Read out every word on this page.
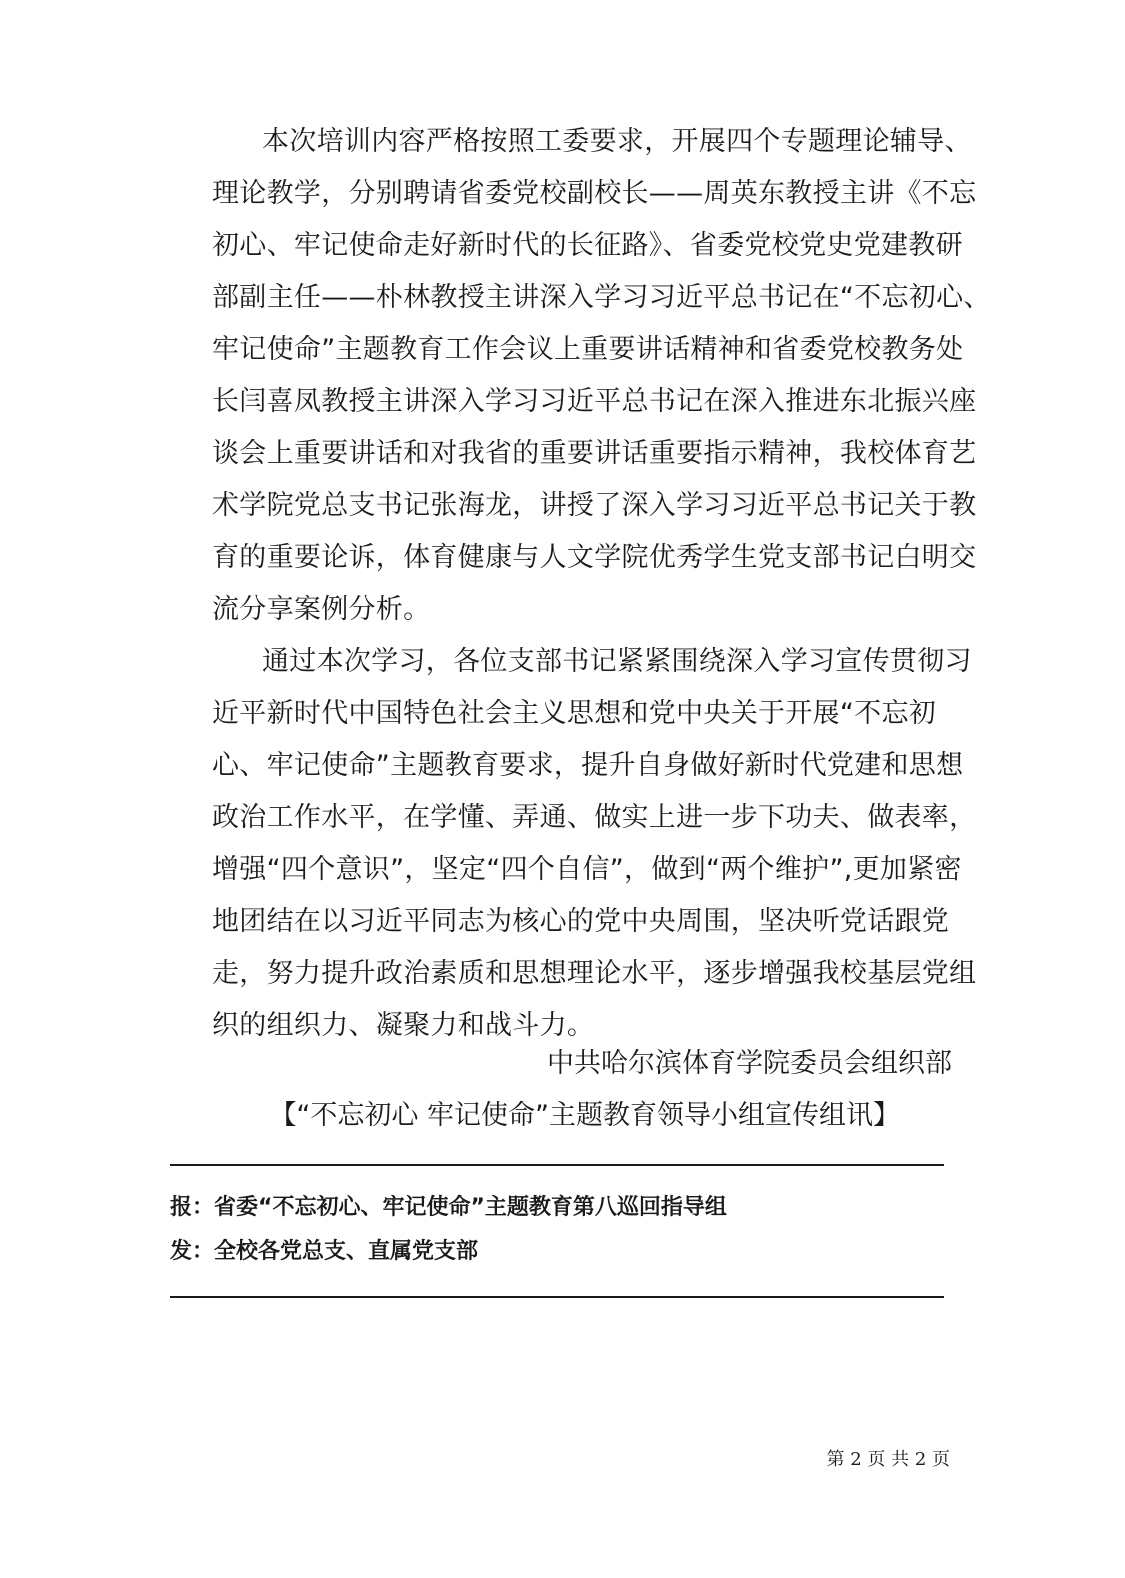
本次培训内容严格按照工委要求，开展四个专题理论辅导、
理论教学，分别聘请省委党校副校长——周英东教授主讲《不忘
初心、牢记使命走好新时代的长征路》、省委党校党史党建教研
部副主任——朴林教授主讲深入学习习近平总书记在“不忘初心、
牢记使命”主题教育工作会议上重要讲话精神和省委党校教务处
长闫喜凤教授主讲深入学习习近平总书记在深入推进东北振兴座
谈会上重要讲话和对我省的重要讲话重要指示精神，我校体育艺
术学院党总支书记张海龙，讲授了深入学习习近平总书记关于教
育的重要论诉，体育健康与人文学院优秀学生党支部书记白明交
流分享案例分析。
通过本次学习，各位支部书记紧紧围绕深入学习宣传贯彻习
近平新时代中国特色社会主义思想和党中央关于开展“不忘初
心、牢记使命”主题教育要求，提升自身做好新时代党建和思想
政治工作水平，在学懂、弄通、做实上进一步下功夫、做表率，
增强“四个意识”，坚定“四个自信”，做到“两个维护”,更加紧密
地团结在以习近平同志为核心的党中央周围，坚决听党话跟党
走，努力提升政治素质和思想理论水平，逐步增强我校基层党组
织的组织力、凝聚力和战斗力。
中共哈尔滨体育学院委员会组织部
【“不忘初心 牢记使命”主题教育领导小组宣传组讯】
报：省委“不忘初心、牢记使命”主题教育第八巡回指导组
发：全校各党总支、直属党支部
第 2 页 共 2 页
